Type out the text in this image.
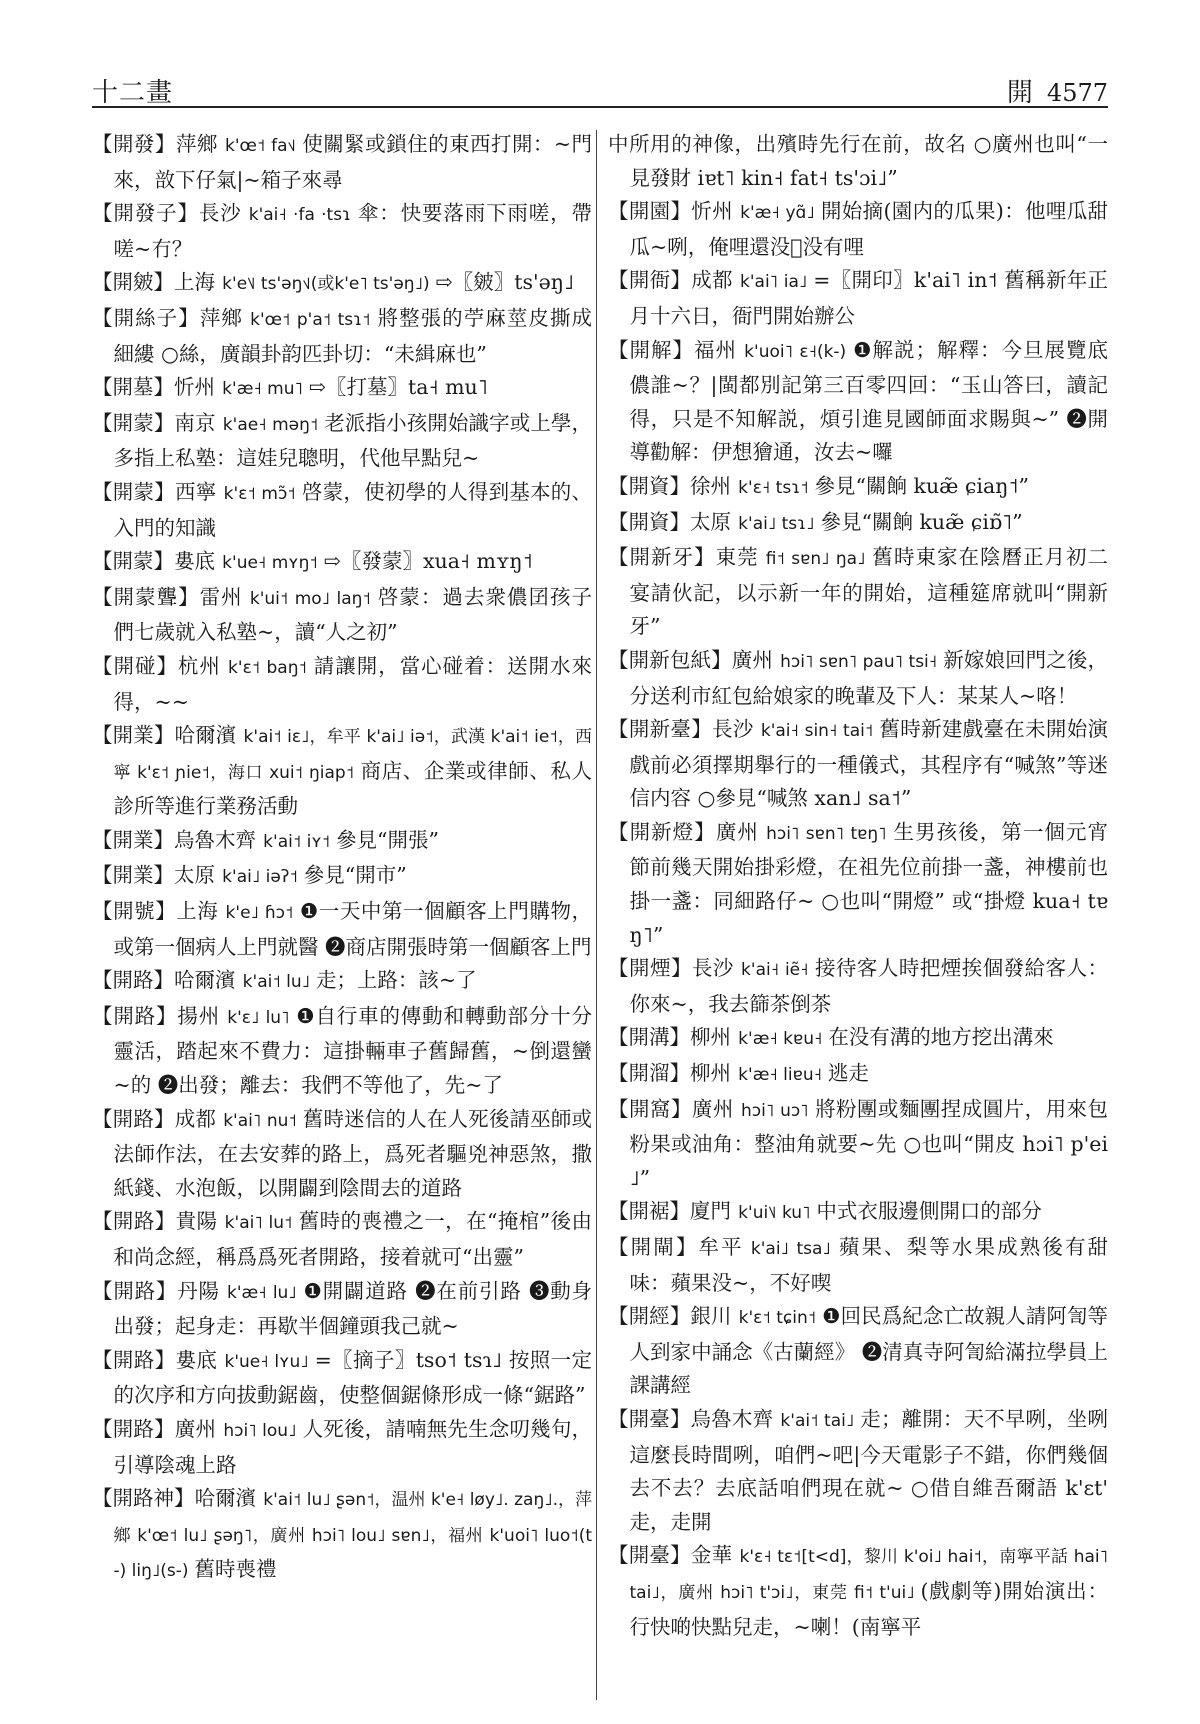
十二畫	開 4577

【開發】萍鄉 k'œ˦ fa˦˩ 使關緊或鎖住的東西打開：~門來，敨下仔氣|~箱子來尋

【開發子】長沙 k'ai˧ ·fa ·tsɿ 傘：快要落雨下雨嗟，帶嗟~冇？

【開皴】上海 k'e˥˩ ts'əŋ˦˩(或k'e˥ ts'əŋ˩) ⇨〖皴〗ts'əŋ˩

【開絲子】萍鄉 k'œ˦ p'a˦ tsɿ˦ 將整張的苧麻莖皮撕成細縷 ○絲，廣韻卦韵匹卦切：“未緝麻也”

【開墓】忻州 k'æ˧ mu˥ ⇨〖打墓〗ta˧ mu˥

【開蒙】南京 k'ae˧ məŋ˦ 老派指小孩開始識字或上學，多指上私塾：這娃兒聰明，代他早點兒~

【開蒙】西寧 k'ɛ˦ mɔ̃˦ 啓蒙，使初學的人得到基本的、入門的知識

【開蒙】婁底 k'ue˧ mʏŋ˦ ⇨〖發蒙〗xua˧ mʏŋ˦

【開蒙聾】雷州 k'ui˦ mo˩ laŋ˦ 啓蒙：過去衆儂囝孩子們七歲就入私塾~，讀“人之初”

【開碰】杭州 k'ɛ˦ baŋ˦ 請讓開，當心碰着：送開水來得，~~

【開業】哈爾濱 k'ai˦ iɛ˩，牟平 k'ai˩ iə˦，武漢 k'ai˦ ie˦，西寧 k'ɛ˦ ɲie˦，海口 xui˦ ŋiap˦ 商店、企業或律師、私人診所等進行業務活動

【開業】烏魯木齊 k'ai˦ iʏ˦ 參見“開張”

【開業】太原 k'ai˩ iəʔ˦ 參見“開市”

【開號】上海 k'e˩ ɦɔ˦ ❶一天中第一個顧客上門購物，或第一個病人上門就醫 ❷商店開張時第一個顧客上門

【開路】哈爾濱 k'ai˦ lu˩ 走；上路：該~了

【開路】揚州 k'ɛ˩ lu˥ ❶自行車的傳動和轉動部分十分靈活，踏起來不費力：這掛輛車子舊歸舊，~倒還蠻~的 ❷出發；離去：我們不等他了，先~了

【開路】成都 k'ai˥ nu˦ 舊時迷信的人在人死後請巫師或法師作法，在去安葬的路上，爲死者驅兇神惡煞，撒紙錢、水泡飯，以開闢到陰間去的道路

【開路】貴陽 k'ai˥ lu˦ 舊時的喪禮之一，在“掩棺”後由和尚念經，稱爲爲死者開路，接着就可“出靈”

【開路】丹陽 k'æ˧ lu˩ ❶開闢道路 ❷在前引路 ❸動身出發；起身走：再歇半個鐘頭我己就~

【開路】婁底 k'ue˧ lʏu˩ =〖摘子〗tso˦ tsɿ˩ 按照一定的次序和方向拔動鋸齒，使整個鋸條形成一條“鋸路”

【開路】廣州 hɔi˥ lou˩ 人死後，請喃無先生念叨幾句，引導陰魂上路

【開路神】哈爾濱 k'ai˦ lu˩ ʂən˦，温州 k'e˧ løy˩. zaŋ˩.，萍鄉 k'œ˦ lu˩ ʂəŋ˥，廣州 hɔi˥ lou˩ sɐn˩，福州 k'uoi˥ luo˦(t-) liŋ˩(s-) 舊時喪禮

中所用的神像，出殯時先行在前，故名 ○廣州也叫“一見發財 iɐt˥ kin˧ fat˧ ts'ɔi˩”

【開園】忻州 k'æ˧ yɑ̃˩ 開始摘(園内的瓜果)：他哩瓜甜瓜~咧，俺哩還没𣅿没有哩

【開衙】成都 k'ai˥ ia˩ =〖開印〗k'ai˥ in˦ 舊稱新年正月十六日，衙門開始辦公

【開解】福州 k'uoi˥ ɛ˧(k-) ❶解説；解釋：今旦展覽底儂誰~？|閩都別記第三百零四回：“玉山答曰，讀記得，只是不知解説，煩引進見國師面求賜與~” ❷開導勸解：伊想獪通，汝去~囉

【開資】徐州 k'ɛ˧ tsɿ˦ 參見“關餉 kuæ̃ ɕiaŋ˦”

【開資】太原 k'ai˩ tsɿ˩ 參見“關餉 kuæ̃ ɕiɒ̃˥”

【開新牙】東莞 fi˦ sɐn˩ ŋa˩ 舊時東家在陰曆正月初二宴請伙記，以示新一年的開始，這種筵席就叫“開新牙”

【開新包紙】廣州 hɔi˥ sɐn˥ pau˥ tsi˧ 新嫁娘回門之後，分送利市紅包給娘家的晚輩及下人：某某人~咯！

【開新臺】長沙 k'ai˧ sin˧ tai˦ 舊時新建戲臺在未開始演戲前必須擇期舉行的一種儀式，其程序有“喊煞”等迷信内容 ○參見“喊煞 xan˩ sa˦”

【開新燈】廣州 hɔi˥ sɐn˥ tɐŋ˥ 生男孩後，第一個元宵節前幾天開始掛彩燈，在祖先位前掛一盞，神樓前也掛一盞：同細路仔~ ○也叫“開燈” 或“掛燈 kua˧ tɐŋ˥”

【開煙】長沙 k'ai˧ iẽ˧ 接待客人時把煙挨個發給客人：你來~，我去篩茶倒茶

【開溝】柳州 k'æ˧ kɐu˧ 在没有溝的地方挖出溝來

【開溜】柳州 k'æ˧ liɐu˧ 逃走

【開窩】廣州 hɔi˥ uɔ˥ 將粉團或麵團捏成圓片，用來包粉果或油角：整油角就要~先 ○也叫“開皮 hɔi˥ p'ei˩”

【開裾】廈門 k'ui˥˩ ku˥ 中式衣服邊側開口的部分

【開閘】牟平 k'ai˩ tsa˩ 蘋果、梨等水果成熟後有甜味：蘋果没~，不好喫

【開經】銀川 k'ɛ˦ tɕin˦ ❶回民爲紀念亡故親人請阿訇等人到家中誦念《古蘭經》 ❷清真寺阿訇給滿拉學員上課講經

【開臺】烏魯木齊 k'ai˦ tai˩ 走；離開：天不早咧，坐咧這麼長時間咧，咱們~吧|今天電影子不錯，你們幾個去不去？去底話咱們現在就~ ○借自維吾爾語 k'ɛt' 走，走開

【開臺】金華 k'ɛ˧ tɛ˦[t<d]，黎川 k'oi˩ hai˦，南寧平話 hai˥ tai˩，廣州 hɔi˥ t'ɔi˩，東莞 fi˦ t'ui˩ (戲劇等)開始演出：行快啲快點兒走，~喇！(南寧平
